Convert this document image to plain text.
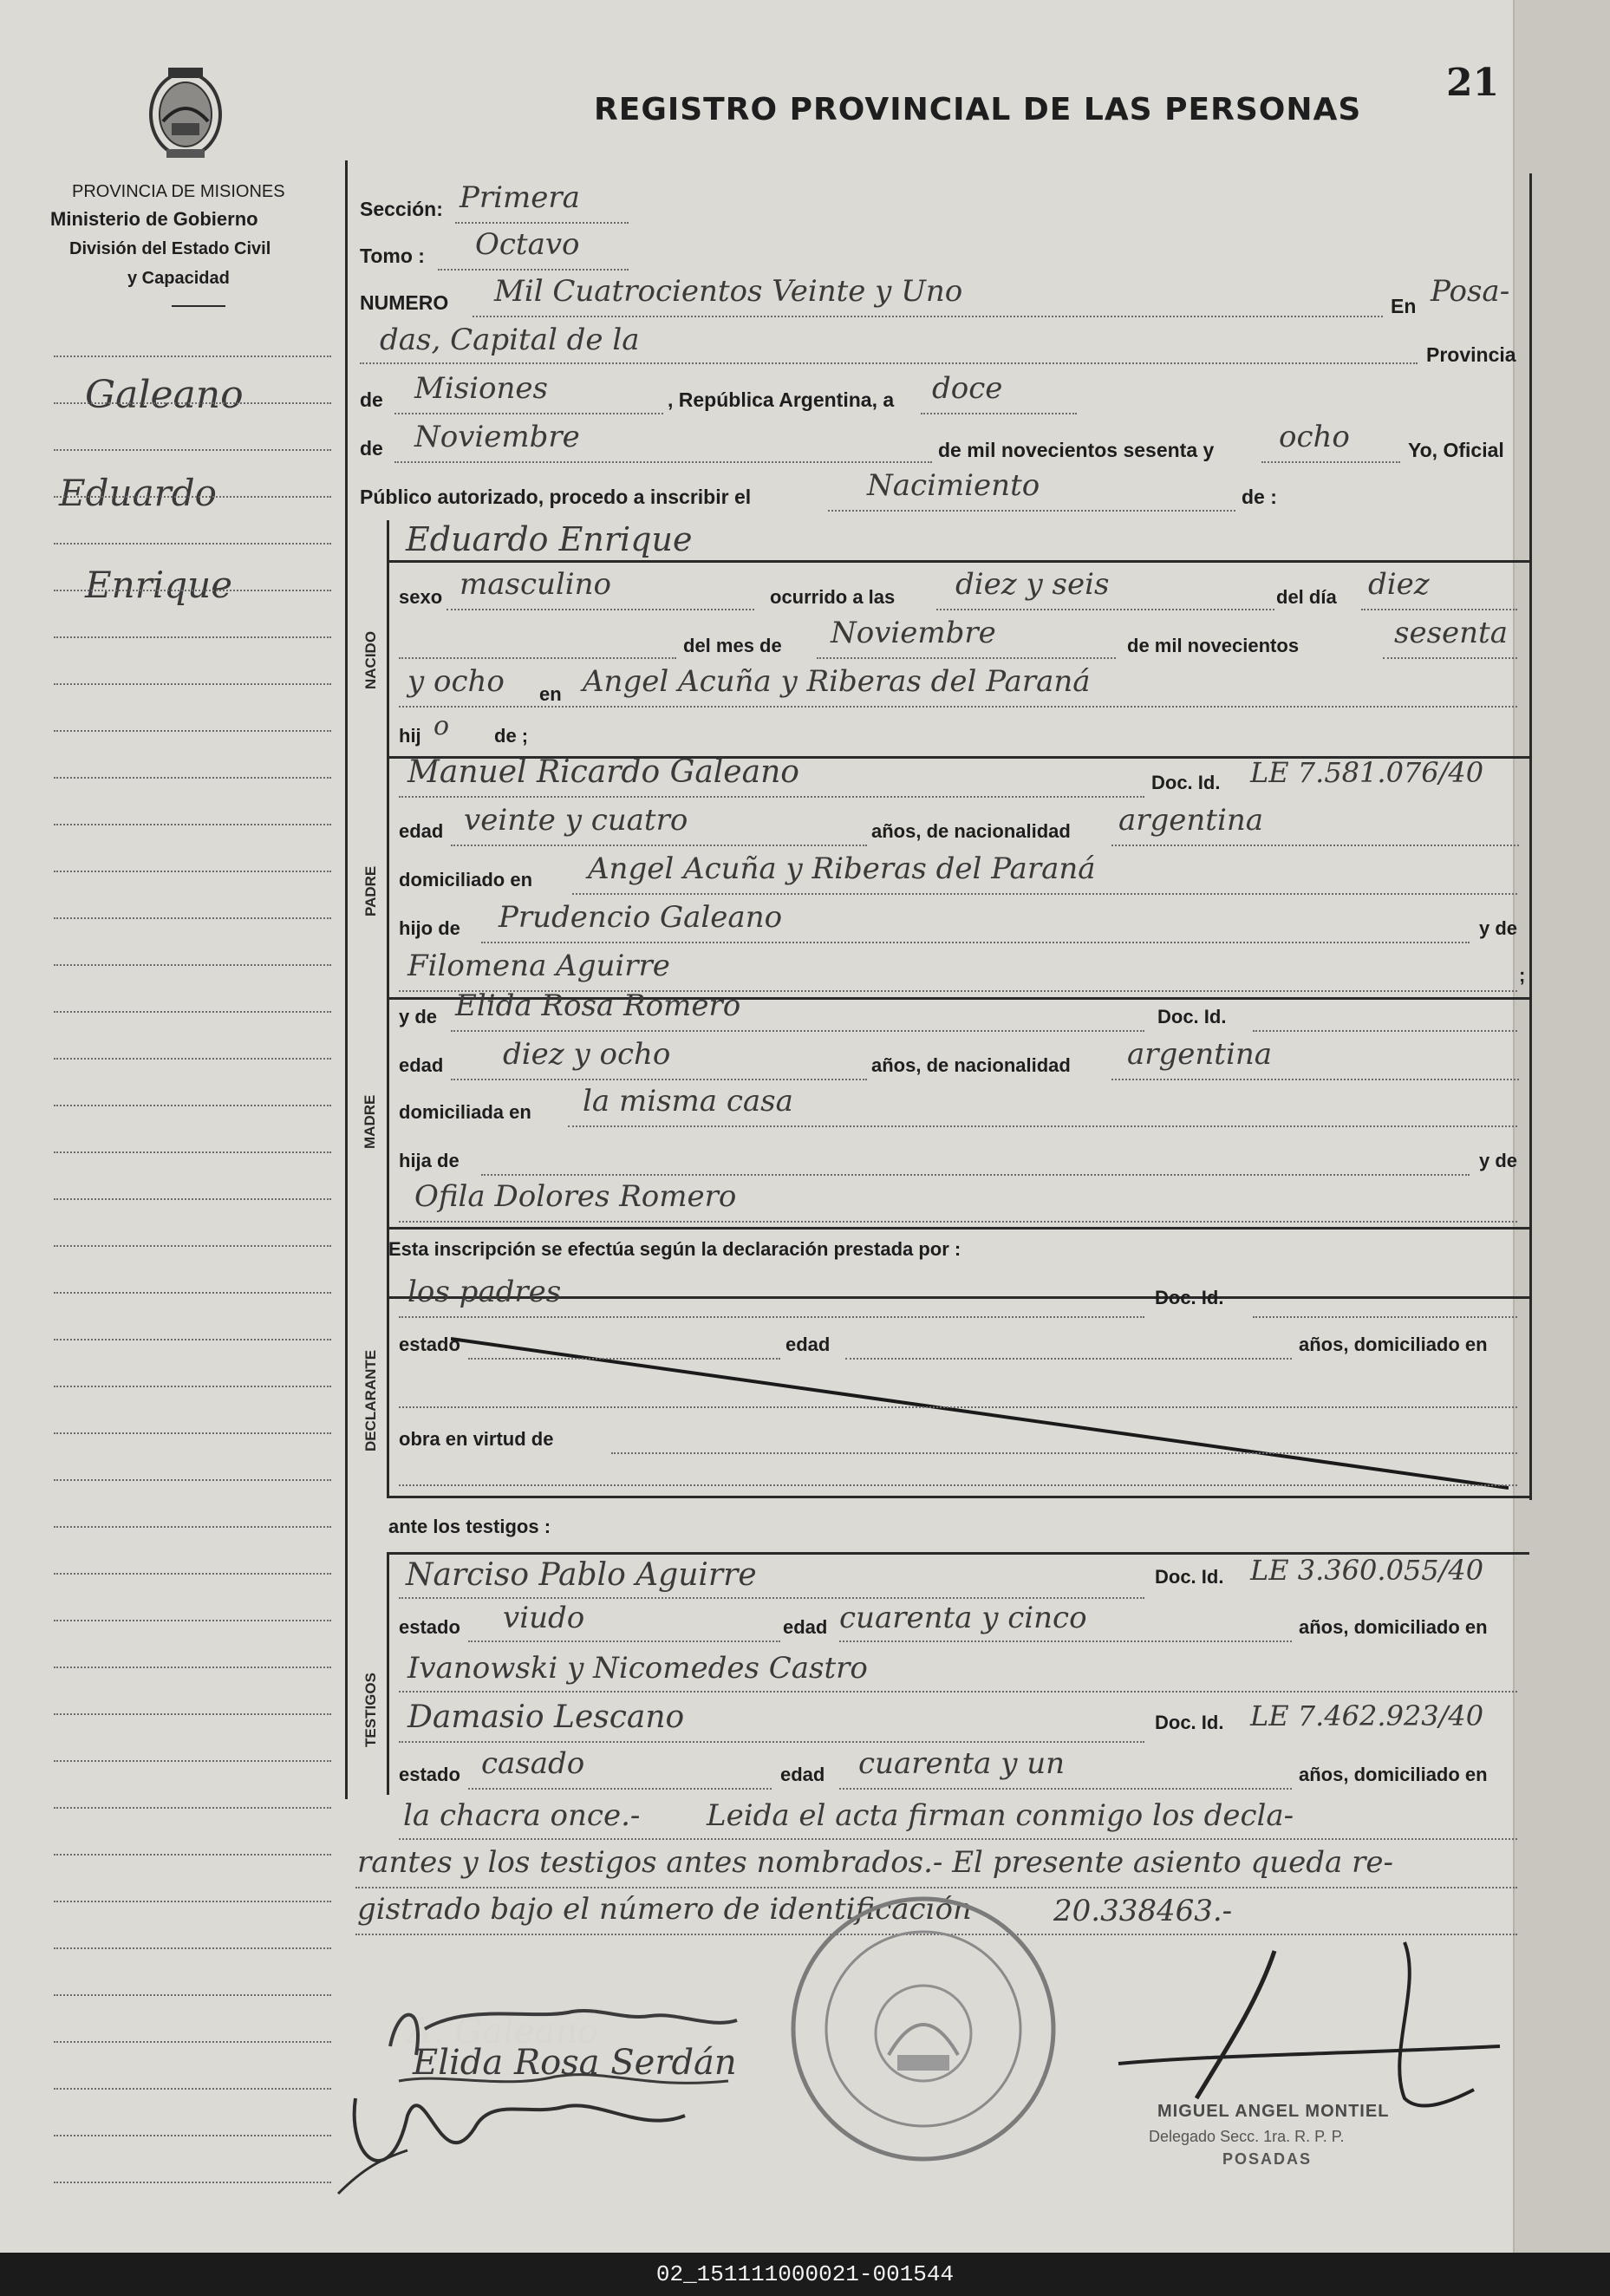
21
REGISTRO PROVINCIAL DE LAS PERSONAS
PROVINCIA DE MISIONES
Ministerio de Gobierno
División del Estado Civil
y Capacidad
Galeano
Eduardo
Enrique
NACIDO
PADRE
MADRE
DECLARANTE
TESTIGOS
Sección: Primera
Tomo : Octavo
NUMERO Mil Cuatrocientos Veinte y Uno	En Posa-
das, Capital de la	Provincia
de Misiones	, República Argentina, a doce
de Noviembre	de mil novecientos sesenta y ocho	Yo, Oficial
Público autorizado, procedo a inscribir el	Nacimiento	de :
Eduardo Enrique
sexo masculino	ocurrido a las diez y seis	del día diez
del mes de Noviembre	de mil novecientos	sesenta
y ocho en Angel Acuña y Riberas del Paraná
hij o de ;
Manuel Ricardo Galeano	Doc. Id. LE 7.581.076/40
edad veinte y cuatro	años, de nacionalidad argentina
domiciliado en Angel Acuña y Riberas del Paraná
hijo de Prudencio Galeano	y de
Filomena Aguirre	;
y de Elida Rosa Romero	Doc. Id.
edad diez y ocho	años, de nacionalidad argentina
domiciliada en la misma casa
hija de	y de
Ofila Dolores Romero
Esta inscripción se efectúa según la declaración prestada por :
los padres	Doc. Id.
estado	edad	años, domiciliado en
obra en virtud de
ante los testigos :
Narciso Pablo Aguirre	Doc. Id. LE 3.360.055/40
estado viudo	edad cuarenta y cinco	años, domiciliado en
Ivanowski y Nicomedes Castro
Damasio Lescano	Doc. Id. LE 7.462.923/40
estado casado	edad cuarenta y un	años, domiciliado en
la chacra once.- Leida el acta firman conmigo los decla-
rantes y los testigos antes nombrados.- El presente asiento queda re-
gistrado bajo el número de identificación	20.338463.-
Elida Rosa Serdán
MIGUEL ANGEL MONTIEL
Delegado Secc. 1ra. R. P. P.
POSADAS
02_151111000021-001544
